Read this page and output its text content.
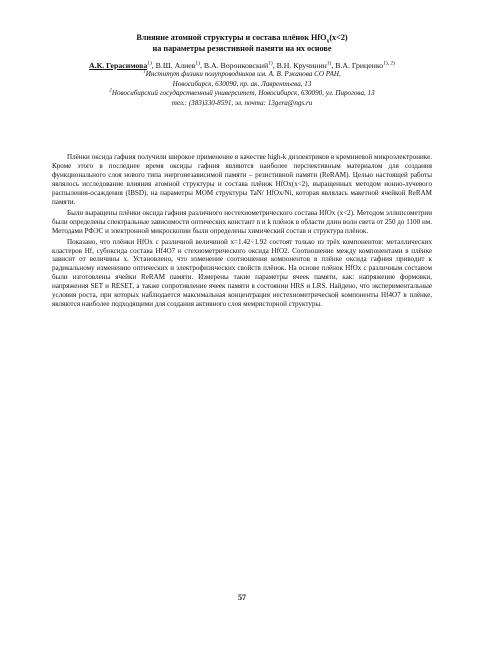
Влияние атомной структуры и состава плёнок HfO$_x$(x<2)
на параметры резистивной памяти на их основе
А.К. Герасимова$^{1)}$, В.Ш. Алиев$^{1)}$, В.А. Воронковский$^{1)}$, В.Н. Кручинин$^{1)}$, В.А. Гриценко$^{1), 2)}$
$^1$Институт физики полупроводников им. А. В. Ржанова СО РАН,
Новосибирск, 630090, пр. ак. Лаврентьева, 13
$^2$Новосибирский государственный университет, Новосибирск, 630090, ул. Пирогова, 13
тел.: (383)330-8591, эл. почта: 13gera@ngs.ru

Плёнки оксида гафния получили широкое применение в качестве high-k диэлектриков в кремниевой микроэлектронике. Кроме этого в последнее время оксиды гафния являются наиболее перспективным материалом для создания функционального слоя нового типа энергонезависимой памяти – резистивной памяти (ReRAM). Целью настоящей работы являлось исследование влияния атомной структуры и состава плёнок HfOx(x<2), выращенных методом ионно-лучевого распыления-осаждения (IBSD), на параметры MOM структуры TaN/ HfOx/Ni, которая являлась макетной ячейкой ReRAM памяти.

Были выращены плёнки оксида гафния различного нестехиометрического состава HfOx (x<2). Методом эллипсометрии были определены спектральные зависимости оптических констант n и k плёнок в области длин волн света от 250 до 1100 нм. Методами РФЭС и электронной микроскопии были определены химический состав и структура плёнок.

Показано, что плёнки HfOx с различной величиной x=1.42÷1.92 состоят только из трёх компонентов: металлических кластеров Hf, субоксида состава Hf4O7 и стехиометрического оксида HfO2. Соотношение между компонентами в плёнке зависит от величины x. Установлено, что изменение соотношения компонентов в плёнке оксида гафния приводит к радикальному изменению оптических и электрофизических свойств плёнок. На основе плёнок HfOx с различным составом были изготовлены ячейки ReRAM памяти. Измерены такие параметры ячеек памяти, как: напряжение формовки, напряжения SET и RESET, а также сопротивление ячеек памяти в состоянии HRS и LRS. Найдено, что экспериментальные условия роста, при которых наблюдается максимальная концентрация нестехиометрической компоненты Hf4O7 в плёнке, являются наиболее подходящими для создания активного слоя мемристорной структуры.

57
